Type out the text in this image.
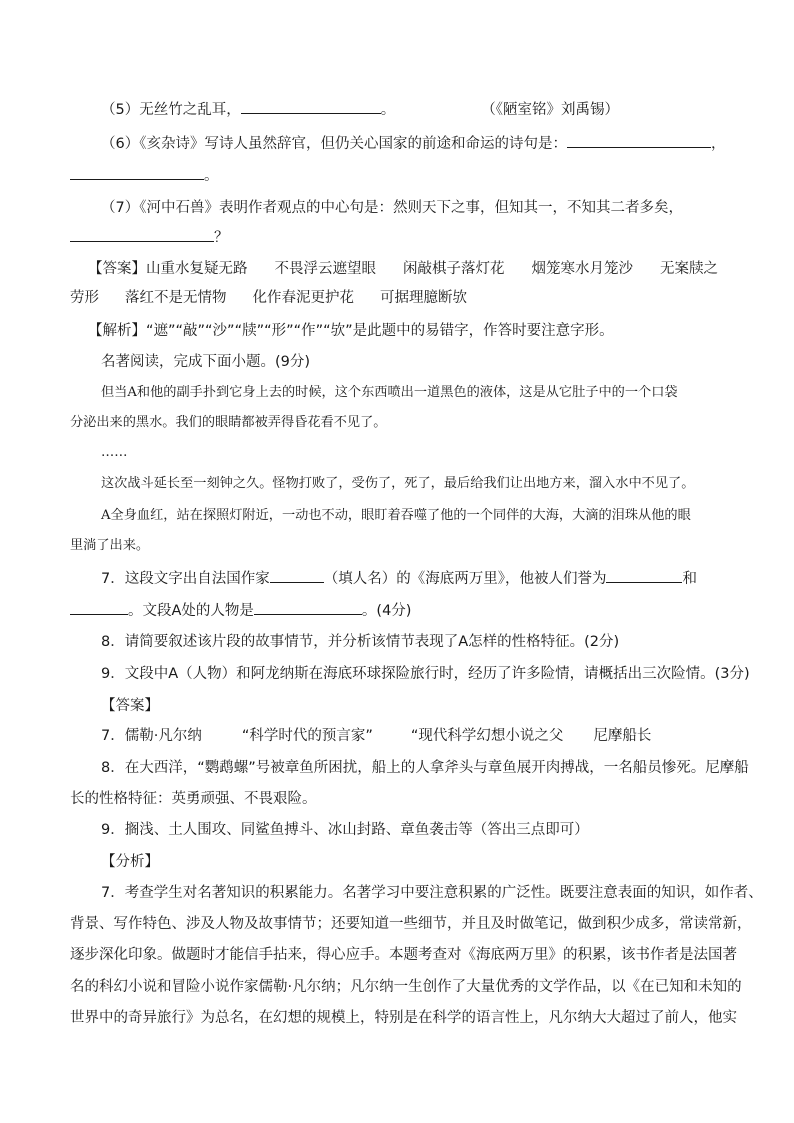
（5）无丝竹之乱耳，	。	（《陋室铭》刘禹锡）
（6）《亥杂诗》写诗人虽然辞官，但仍关心国家的前途和命运的诗句是：	，
。
（7）《河中石兽》表明作者观点的中心句是：然则天下之事，但知其一，不知其二者多矣，
？
【答案】山重水复疑无路 不畏浮云遮望眼 闲敲棋子落灯花 烟笼寒水月笼沙 无案牍之
劳形 落红不是无情物 化作春泥更护花 可据理臆断欤
【解析】“遮”“敲”“沙”“牍”“形”“作”“欤”是此题中的易错字，作答时要注意字形。
名著阅读，完成下面小题。(9分)
但当A和他的副手扑到它身上去的时候，这个东西喷出一道黑色的液体，这是从它肚子中的一个口袋
分泌出来的黑水。我们的眼睛都被弄得昏花看不见了。
……
这次战斗延长至一刻钟之久。怪物打败了，受伤了，死了，最后给我们让出地方来，溜入水中不见了。
A全身血红，站在探照灯附近，一动也不动，眼盯着吞噬了他的一个同伴的大海，大滴的泪珠从他的眼
里淌了出来。
7．这段文字出自法国作家	（填人名）的《海底两万里》，他被人们誉为	和
。文段A处的人物是	。(4分)
8．请简要叙述该片段的故事情节，并分析该情节表现了A怎样的性格特征。(2分)
9．文段中A（人物）和阿龙纳斯在海底环球探险旅行时，经历了许多险情，请概括出三次险情。(3分)
【答案】
7．儒勒·凡尔纳	“科学时代的预言家”	“现代科学幻想小说之父 尼摩船长
8．在大西洋，“鹦鹉螺”号被章鱼所困扰，船上的人拿斧头与章鱼展开肉搏战，一名船员惨死。尼摩船
长的性格特征：英勇顽强、不畏艰险。
9．搁浅、土人围攻、同鲨鱼搏斗、冰山封路、章鱼袭击等（答出三点即可）
【分析】
7．考查学生对名著知识的积累能力。名著学习中要注意积累的广泛性。既要注意表面的知识，如作者、
背景、写作特色、涉及人物及故事情节；还要知道一些细节，并且及时做笔记，做到积少成多，常读常新，
逐步深化印象。做题时才能信手拈来，得心应手。本题考查对《海底两万里》的积累，该书作者是法国著
名的科幻小说和冒险小说作家儒勒·凡尔纳；凡尔纳一生创作了大量优秀的文学作品，以《在已知和未知的
世界中的奇异旅行》为总名，在幻想的规模上，特别是在科学的语言性上，凡尔纳大大超过了前人，他实
